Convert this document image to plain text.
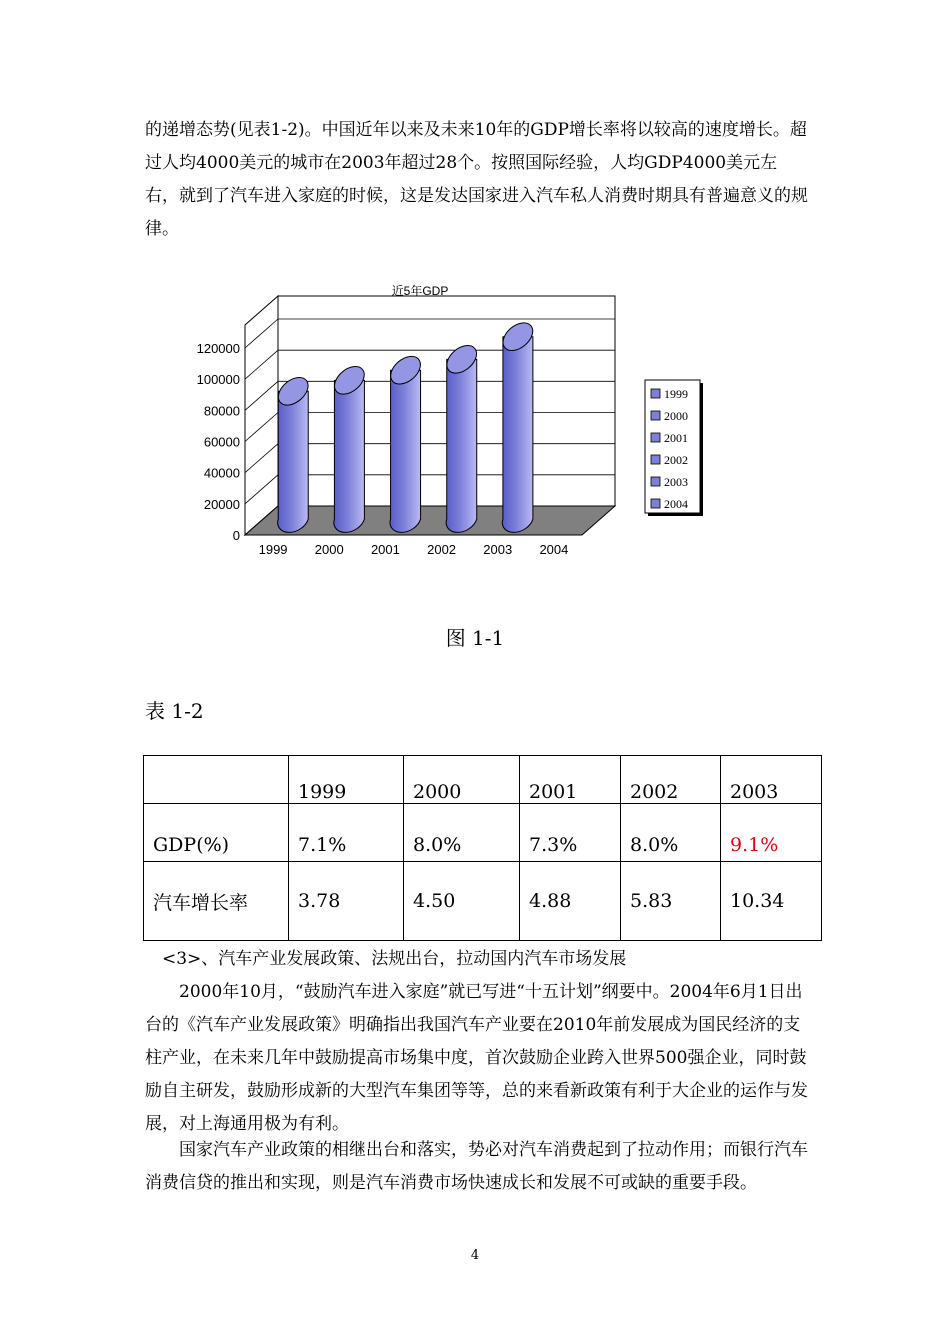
的递增态势(见表1-2)。中国近年以来及未来10年的GDP增长率将以较高的速度增长。超过人均4000美元的城市在2003年超过28个。按照国际经验，人均GDP4000美元左右，就到了汽车进入家庭的时候，这是发达国家进入汽车私人消费时期具有普遍意义的规律。

0
20000
40000
60000
80000
100000
120000
1999 2000 2001 2002 2003 2004
近5年GDP
1999
2000
2001
2002
2003
2004
图 1-1
表 1-2
	1999	2000	2001	2002	2003
GDP(%)	7.1%	8.0%	7.3%	8.0%	9.1%
汽车增长率	3.78	4.50	4.88	5.83	10.34
<3>、汽车产业发展政策、法规出台，拉动国内汽车市场发展

2000年10月，“鼓励汽车进入家庭”就已写进“十五计划”纲要中。2004年6月1日出台的《汽车产业发展政策》明确指出我国汽车产业要在2010年前发展成为国民经济的支柱产业，在未来几年中鼓励提高市场集中度，首次鼓励企业跨入世界500强企业，同时鼓励自主研发，鼓励形成新的大型汽车集团等等，总的来看新政策有利于大企业的运作与发展，对上海通用极为有利。

国家汽车产业政策的相继出台和落实，势必对汽车消费起到了拉动作用；而银行汽车消费信贷的推出和实现，则是汽车消费市场快速成长和发展不可或缺的重要手段。

4
